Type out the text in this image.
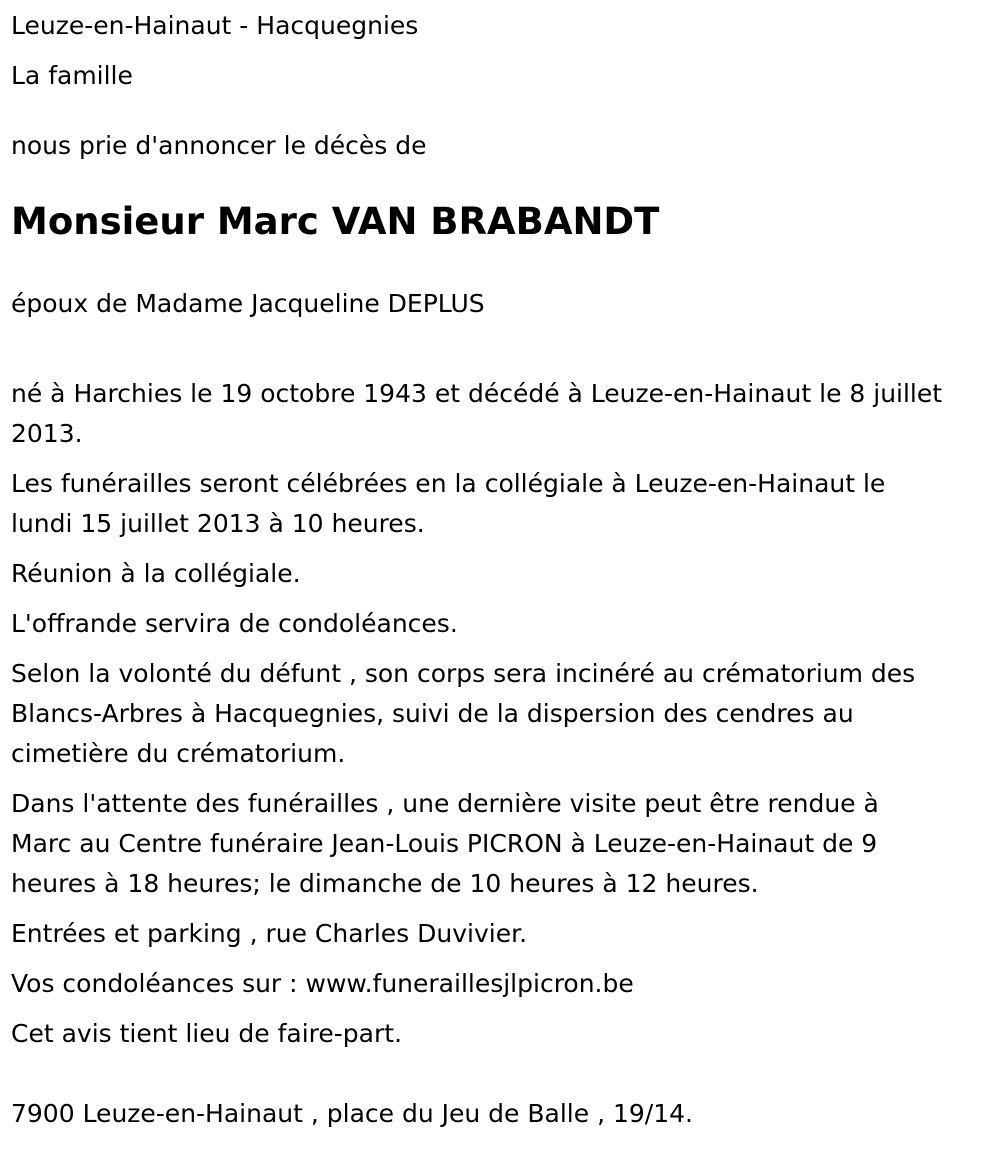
Leuze-en-Hainaut - Hacquegnies
La famille
nous prie d'annoncer le décès de
Monsieur Marc VAN BRABANDT
époux de Madame Jacqueline DEPLUS
né à Harchies le 19 octobre 1943 et décédé à Leuze-en-Hainaut le 8 juillet
2013.
Les funérailles seront célébrées en la collégiale à Leuze-en-Hainaut le
lundi 15 juillet 2013 à 10 heures.
Réunion à la collégiale.
L'offrande servira de condoléances.
Selon la volonté du défunt , son corps sera incinéré au crématorium des
Blancs-Arbres à Hacquegnies, suivi de la dispersion des cendres au
cimetière du crématorium.
Dans l'attente des funérailles , une dernière visite peut être rendue à
Marc au Centre funéraire Jean-Louis PICRON à Leuze-en-Hainaut de 9
heures à 18 heures; le dimanche de 10 heures à 12 heures.
Entrées et parking , rue Charles Duvivier.
Vos condoléances sur : www.funeraillesjlpicron.be
Cet avis tient lieu de faire-part.
7900 Leuze-en-Hainaut , place du Jeu de Balle , 19/14.
